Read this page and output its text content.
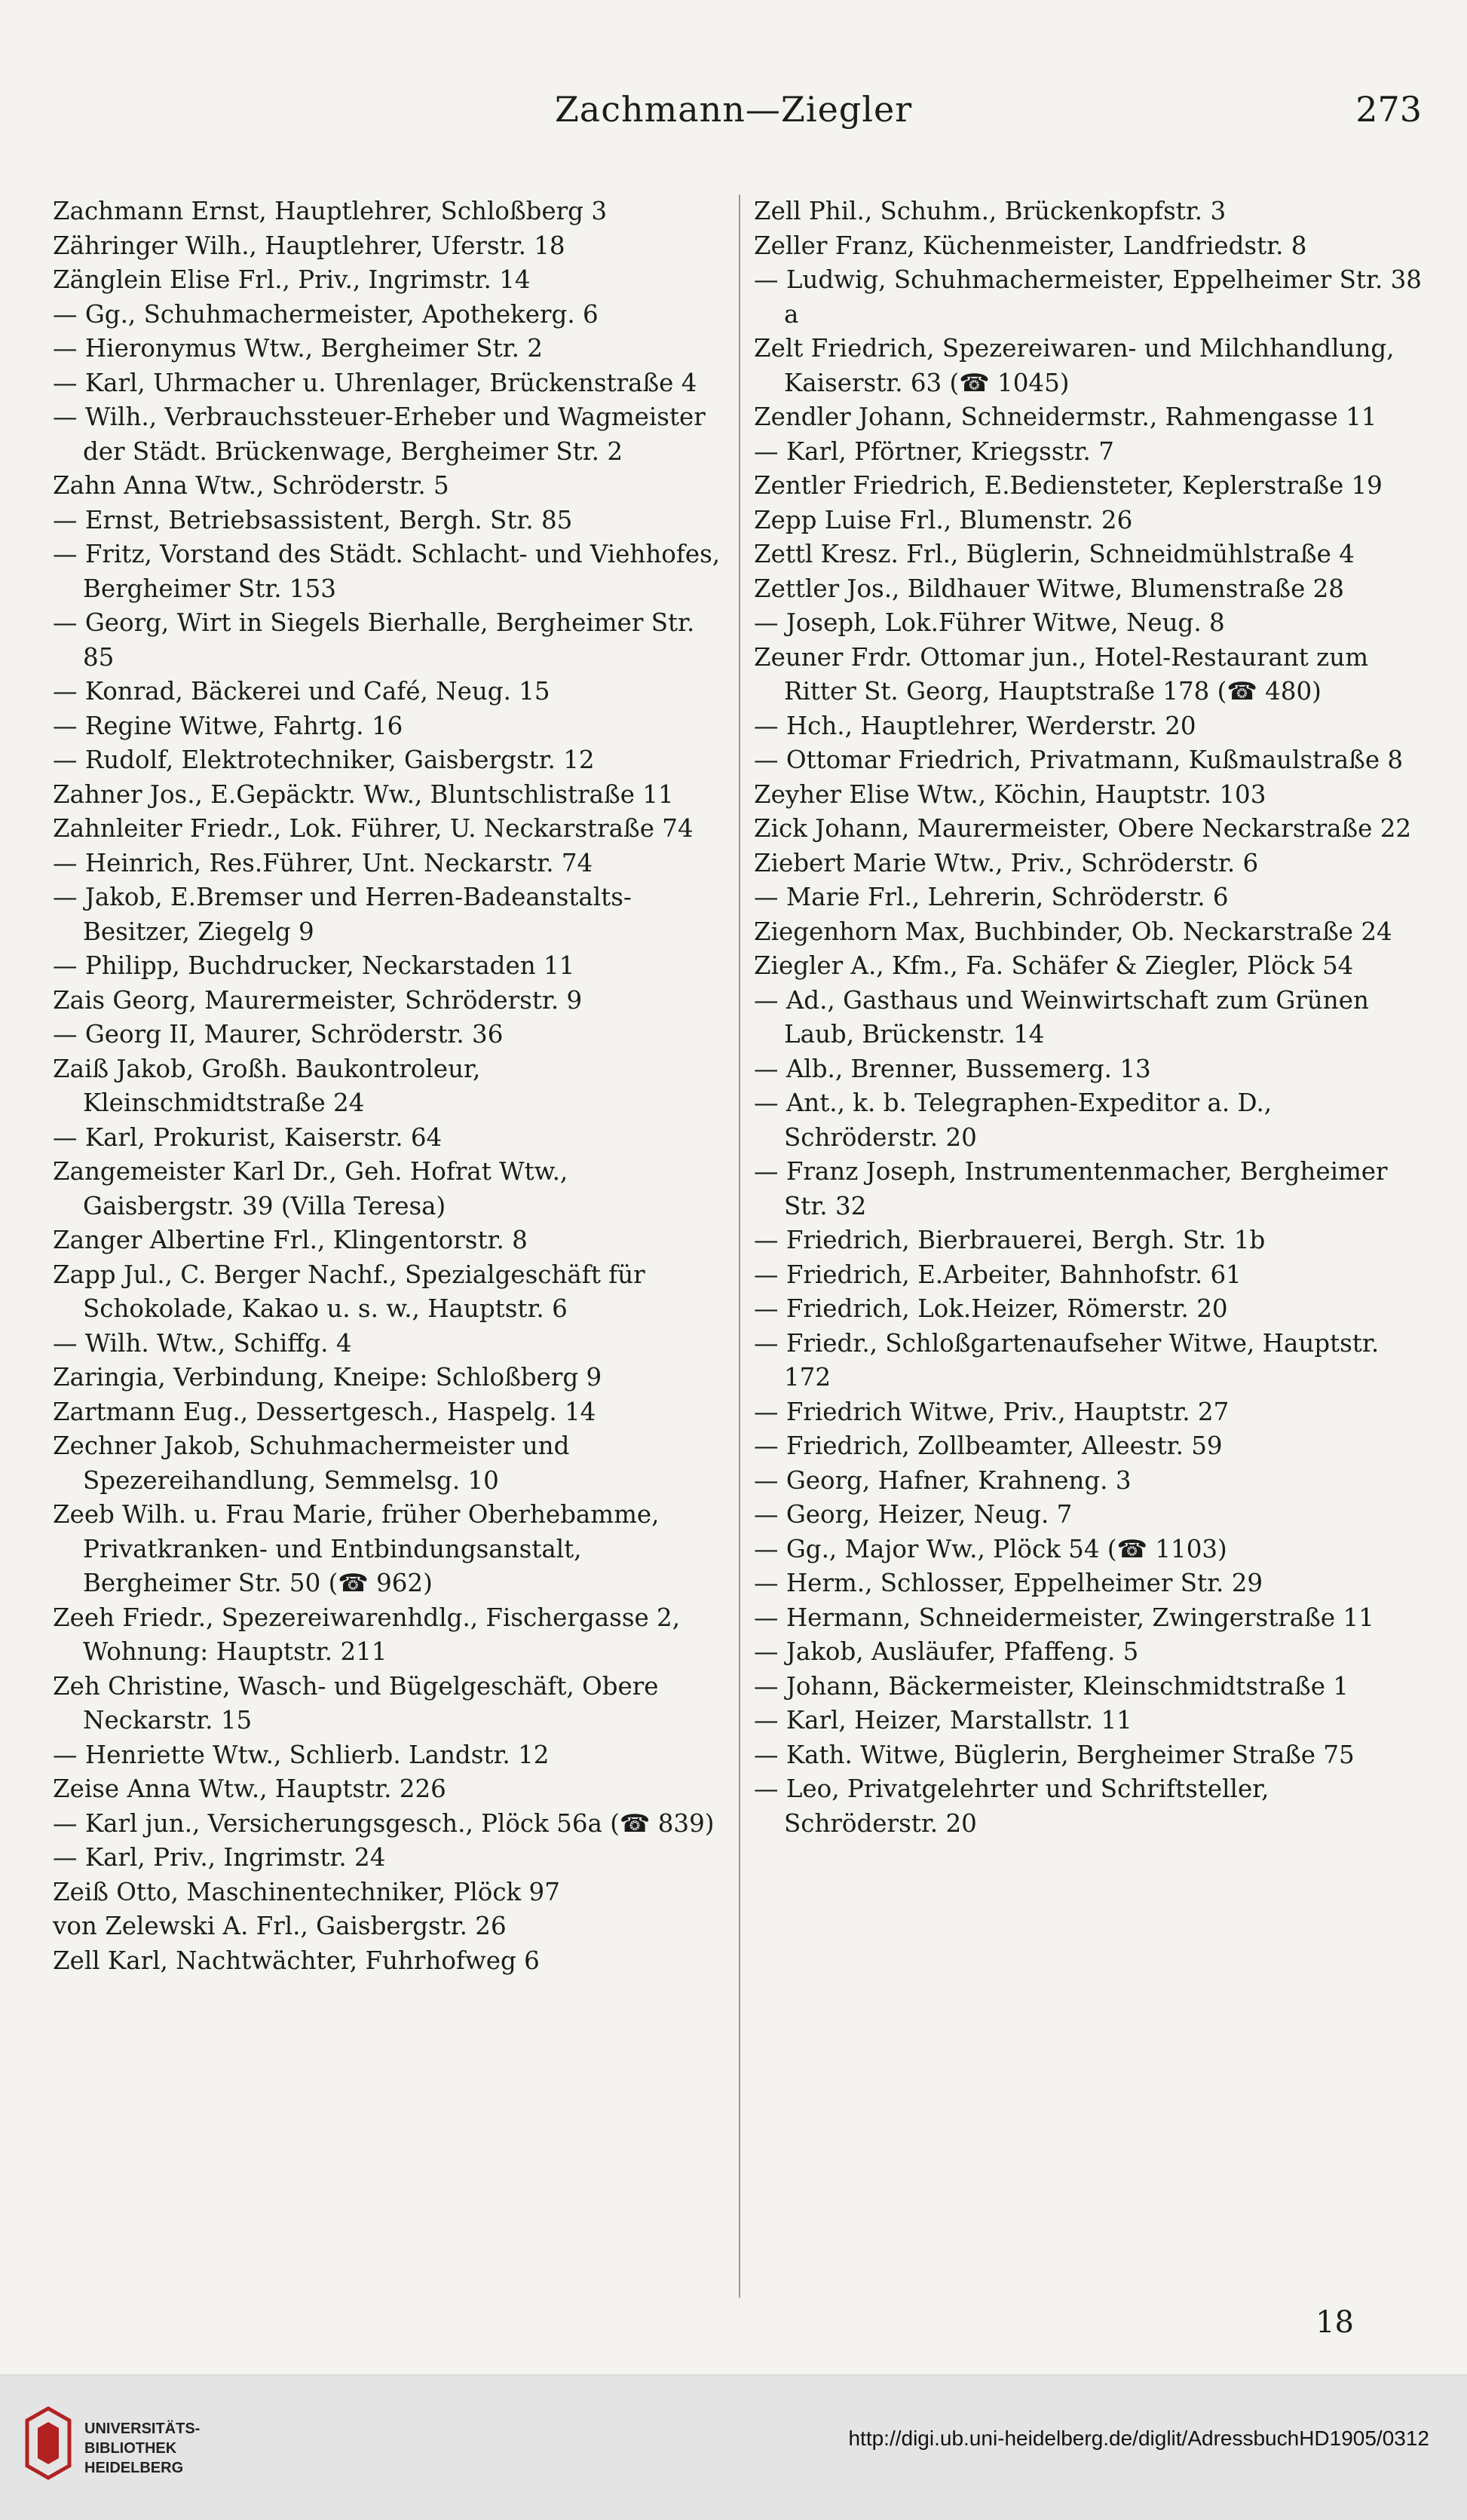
Zachmann—Ziegler	273

Zachmann Ernst, Hauptlehrer, Schloßberg 3

Zähringer Wilh., Hauptlehrer, Uferstr. 18

Zänglein Elise Frl., Priv., Ingrimstr. 14

— Gg., Schuhmachermeister, Apothekerg. 6

— Hieronymus Wtw., Bergheimer Str. 2

— Karl, Uhrmacher u. Uhrenlager, Brückenstraße 4

— Wilh., Verbrauchssteuer-Erheber und Wagmeister der Städt. Brückenwage, Bergheimer Str. 2

Zahn Anna Wtw., Schröderstr. 5

— Ernst, Betriebsassistent, Bergh. Str. 85

— Fritz, Vorstand des Städt. Schlacht- und Viehhofes, Bergheimer Str. 153

— Georg, Wirt in Siegels Bierhalle, Bergheimer Str. 85

— Konrad, Bäckerei und Café, Neug. 15

— Regine Witwe, Fahrtg. 16

— Rudolf, Elektrotechniker, Gaisbergstr. 12

Zahner Jos., E.Gepäcktr. Ww., Bluntschlistraße 11

Zahnleiter Friedr., Lok. Führer, U. Neckarstraße 74

— Heinrich, Res.Führer, Unt. Neckarstr. 74

— Jakob, E.Bremser und Herren-Badeanstalts-Besitzer, Ziegelg 9

— Philipp, Buchdrucker, Neckarstaden 11

Zais Georg, Maurermeister, Schröderstr. 9

— Georg II, Maurer, Schröderstr. 36

Zaiß Jakob, Großh. Baukontroleur, Kleinschmidtstraße 24

— Karl, Prokurist, Kaiserstr. 64

Zangemeister Karl Dr., Geh. Hofrat Wtw., Gaisbergstr. 39 (Villa Teresa)

Zanger Albertine Frl., Klingentorstr. 8

Zapp Jul., C. Berger Nachf., Spezialgeschäft für Schokolade, Kakao u. s. w., Hauptstr. 6

— Wilh. Wtw., Schiffg. 4

Zaringia, Verbindung, Kneipe: Schloßberg 9

Zartmann Eug., Dessertgesch., Haspelg. 14

Zechner Jakob, Schuhmachermeister und Spezereihandlung, Semmelsg. 10

Zeeb Wilh. u. Frau Marie, früher Oberhebamme, Privatkranken- und Entbindungsanstalt, Bergheimer Str. 50 (☎ 962)

Zeeh Friedr., Spezereiwarenhdlg., Fischergasse 2, Wohnung: Hauptstr. 211

Zeh Christine, Wasch- und Bügelgeschäft, Obere Neckarstr. 15

— Henriette Wtw., Schlierb. Landstr. 12

Zeise Anna Wtw., Hauptstr. 226

— Karl jun., Versicherungsgesch., Plöck 56a (☎ 839)

— Karl, Priv., Ingrimstr. 24

Zeiß Otto, Maschinentechniker, Plöck 97

von Zelewski A. Frl., Gaisbergstr. 26

Zell Karl, Nachtwächter, Fuhrhofweg 6

Zell Phil., Schuhm., Brückenkopfstr. 3

Zeller Franz, Küchenmeister, Landfriedstr. 8

— Ludwig, Schuhmachermeister, Eppelheimer Str. 38 a

Zelt Friedrich, Spezereiwaren- und Milchhandlung, Kaiserstr. 63 (☎ 1045)

Zendler Johann, Schneidermstr., Rahmengasse 11

— Karl, Pförtner, Kriegsstr. 7

Zentler Friedrich, E.Bediensteter, Keplerstraße 19

Zepp Luise Frl., Blumenstr. 26

Zettl Kresz. Frl., Büglerin, Schneidmühlstraße 4

Zettler Jos., Bildhauer Witwe, Blumenstraße 28

— Joseph, Lok.Führer Witwe, Neug. 8

Zeuner Frdr. Ottomar jun., Hotel-Restaurant zum Ritter St. Georg, Hauptstraße 178 (☎ 480)

— Hch., Hauptlehrer, Werderstr. 20

— Ottomar Friedrich, Privatmann, Kußmaulstraße 8

Zeyher Elise Wtw., Köchin, Hauptstr. 103

Zick Johann, Maurermeister, Obere Neckarstraße 22

Ziebert Marie Wtw., Priv., Schröderstr. 6

— Marie Frl., Lehrerin, Schröderstr. 6

Ziegenhorn Max, Buchbinder, Ob. Neckarstraße 24

Ziegler A., Kfm., Fa. Schäfer & Ziegler, Plöck 54

— Ad., Gasthaus und Weinwirtschaft zum Grünen Laub, Brückenstr. 14

— Alb., Brenner, Bussemerg. 13

— Ant., k. b. Telegraphen-Expeditor a. D., Schröderstr. 20

— Franz Joseph, Instrumentenmacher, Bergheimer Str. 32

— Friedrich, Bierbrauerei, Bergh. Str. 1b

— Friedrich, E.Arbeiter, Bahnhofstr. 61

— Friedrich, Lok.Heizer, Römerstr. 20

— Friedr., Schloßgartenaufseher Witwe, Hauptstr. 172

— Friedrich Witwe, Priv., Hauptstr. 27

— Friedrich, Zollbeamter, Alleestr. 59

— Georg, Hafner, Krahneng. 3

— Georg, Heizer, Neug. 7

— Gg., Major Ww., Plöck 54 (☎ 1103)

— Herm., Schlosser, Eppelheimer Str. 29

— Hermann, Schneidermeister, Zwingerstraße 11

— Jakob, Ausläufer, Pfaffeng. 5

— Johann, Bäckermeister, Kleinschmidtstraße 1

— Karl, Heizer, Marstallstr. 11

— Kath. Witwe, Büglerin, Bergheimer Straße 75

— Leo, Privatgelehrter und Schriftsteller, Schröderstr. 20

18
UNIVERSITÄTS-
BIBLIOTHEK
HEIDELBERG
http://digi.ub.uni-heidelberg.de/diglit/AdressbuchHD1905/0312
